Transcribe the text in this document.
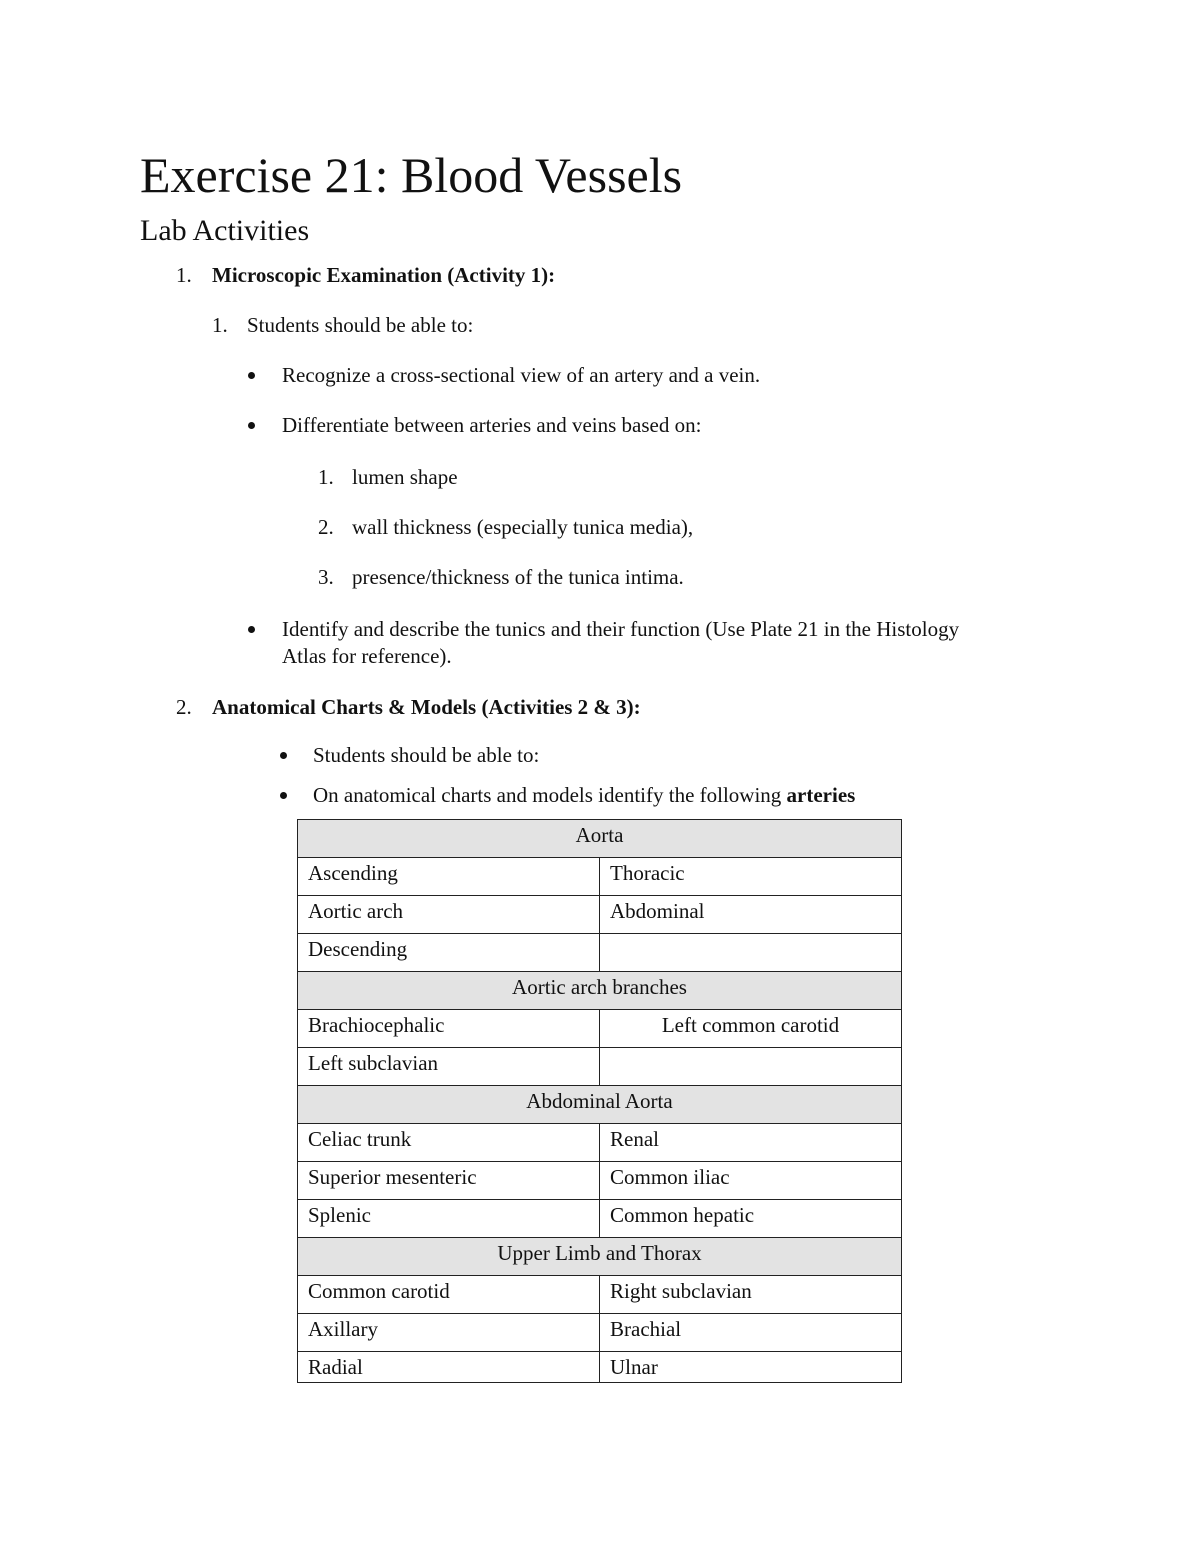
Exercise 21: Blood Vessels
Lab Activities
1. Microscopic Examination (Activity 1):
1. Students should be able to:
Recognize a cross-sectional view of an artery and a vein.
Differentiate between arteries and veins based on:
1. lumen shape
2. wall thickness (especially tunica media),
3. presence/thickness of the tunica intima.
Identify and describe the tunics and their function (Use Plate 21 in the Histology
Atlas for reference).
2. Anatomical Charts & Models (Activities 2 & 3):
Students should be able to:
On anatomical charts and models identify the following arteries
Aorta	
Ascending	Thoracic
Aortic arch	Abdominal
Descending	
Aortic arch branches	
Brachiocephalic	Left common carotid
Left subclavian	
Abdominal Aorta	
Celiac trunk	Renal
Superior mesenteric	Common iliac
Splenic	Common hepatic
Upper Limb and Thorax	
Common carotid	Right subclavian
Axillary	Brachial
Radial	Ulnar
